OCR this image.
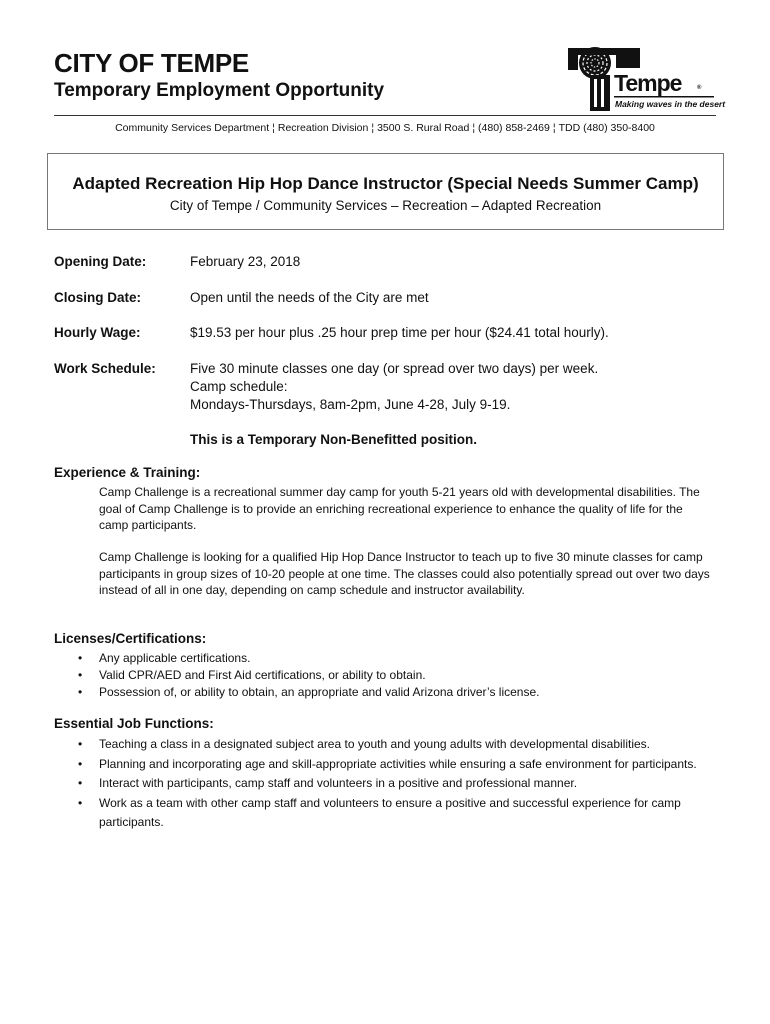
CITY OF TEMPE
Temporary Employment Opportunity	Tempe	®
Making waves in the desert
Community Services Department ¦ Recreation Division ¦ 3500 S. Rural Road ¦ (480) 858-2469 ¦ TDD (480) 350-8400
Adapted Recreation Hip Hop Dance Instructor (Special Needs Summer Camp)
City of Tempe / Community Services – Recreation – Adapted Recreation
Opening Date:	February 23, 2018
Closing Date:	Open until the needs of the City are met
Hourly Wage:	$19.53 per hour plus .25 hour prep time per hour ($24.41 total hourly).
Work Schedule:	Five 30 minute classes one day (or spread over two days) per week.
Camp schedule:
Mondays-Thursdays, 8am-2pm, June 4-28, July 9-19.
This is a Temporary Non-Benefitted position.
Experience & Training:

Camp Challenge is a recreational summer day camp for youth 5-21 years old with developmental disabilities. The goal of Camp Challenge is to provide an enriching recreational experience to enhance the quality of life for the camp participants.

Camp Challenge is looking for a qualified Hip Hop Dance Instructor to teach up to five 30 minute classes for camp participants in group sizes of 10-20 people at one time. The classes could also potentially spread out over two days instead of all in one day, depending on camp schedule and instructor availability.

Licenses/Certifications:
• Any applicable certifications.
• Valid CPR/AED and First Aid certifications, or ability to obtain.
• Possession of, or ability to obtain, an appropriate and valid Arizona driver’s license.
Essential Job Functions:
• Teaching a class in a designated subject area to youth and young adults with developmental disabilities.
• Planning and incorporating age and skill-appropriate activities while ensuring a safe environment for participants.
• Interact with participants, camp staff and volunteers in a positive and professional manner.
• Work as a team with other camp staff and volunteers to ensure a positive and successful experience for camp participants.
